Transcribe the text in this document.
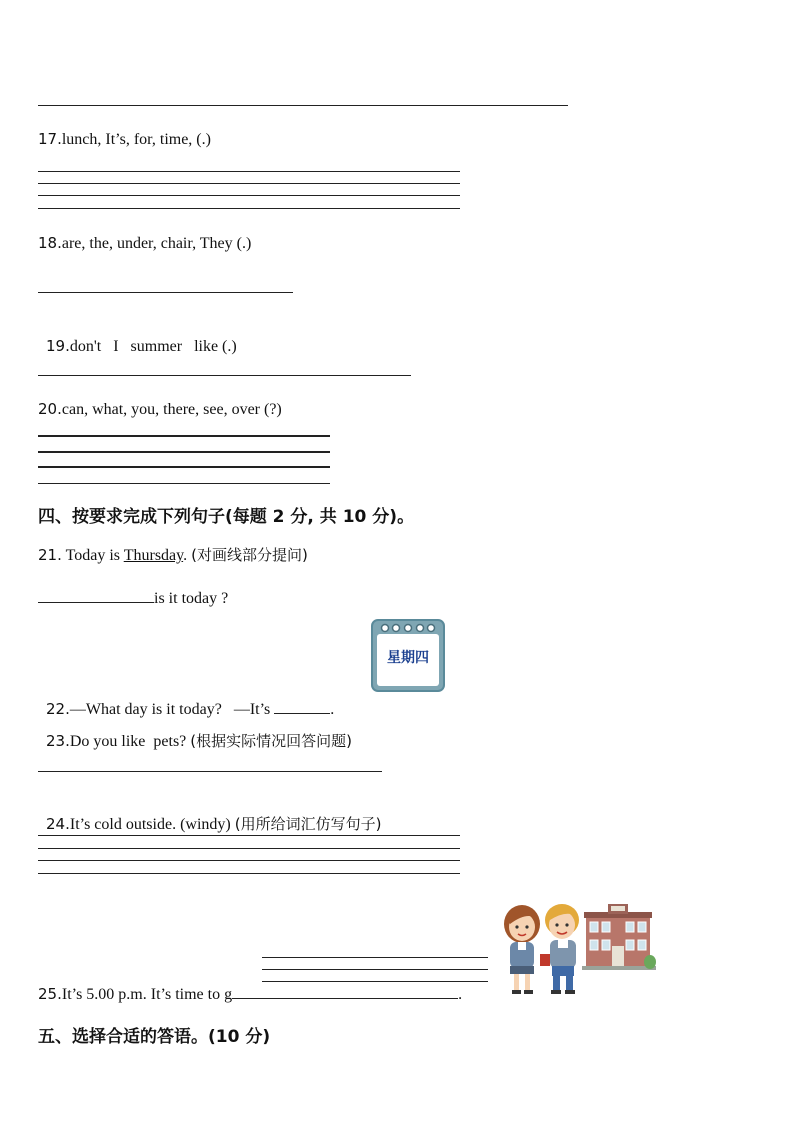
17.lunch, It’s, for, time, (.)
18.are, the, under, chair, They (.)

19.don't   I   summer   like (.)

20.can, what, you, there, see, over (?)
四、按要求完成下列句子(每题 2 分, 共 10 分)。
21. Today is Thursday. (对画线部分提问)
is it today ?
星期四

22.—What day is it today?   —It’s	.

23.Do you like  pets? (根据实际情况回答问题)

24.It’s cold outside. (windy) (用所给词汇仿写句子)

25.It’s 5.00 p.m. It’s time to g	.
五、选择合适的答语。(10 分)
